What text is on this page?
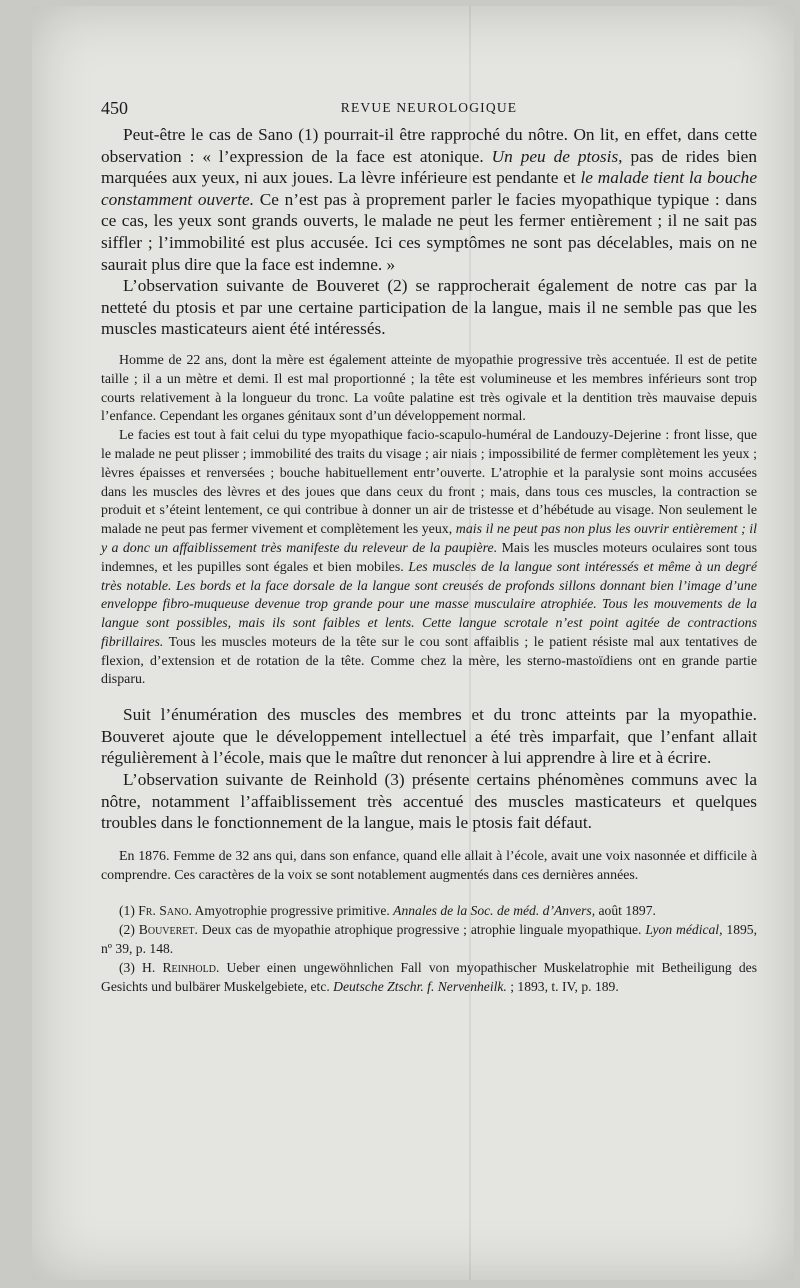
450	REVUE NEUROLOGIQUE

Peut-être le cas de Sano (1) pourrait-il être rapproché du nôtre. On lit, en effet, dans cette observation : « l’expression de la face est atonique. Un peu de ptosis, pas de rides bien marquées aux yeux, ni aux joues. La lèvre inférieure est pendante et le malade tient la bouche constamment ouverte. Ce n’est pas à proprement parler le facies myopathique typique : dans ce cas, les yeux sont grands ouverts, le malade ne peut les fermer entièrement ; il ne sait pas siffler ; l’immobilité est plus accusée. Ici ces symptômes ne sont pas décelables, mais on ne saurait plus dire que la face est indemne. »

L’observation suivante de Bouveret (2) se rapprocherait également de notre cas par la netteté du ptosis et par une certaine participation de la langue, mais il ne semble pas que les muscles masticateurs aient été intéressés.

Homme de 22 ans, dont la mère est également atteinte de myopathie progressive très accentuée. Il est de petite taille ; il a un mètre et demi. Il est mal proportionné ; la tête est volumineuse et les membres inférieurs sont trop courts relativement à la longueur du tronc. La voûte palatine est très ogivale et la dentition très mauvaise depuis l’enfance. Cependant les organes génitaux sont d’un développement normal.

Le facies est tout à fait celui du type myopathique facio-scapulo-huméral de Landouzy-Dejerine : front lisse, que le malade ne peut plisser ; immobilité des traits du visage ; air niais ; impossibilité de fermer complètement les yeux ; lèvres épaisses et renversées ; bouche habituellement entr’ouverte. L’atrophie et la paralysie sont moins accusées dans les muscles des lèvres et des joues que dans ceux du front ; mais, dans tous ces muscles, la contraction se produit et s’éteint lentement, ce qui contribue à donner un air de tristesse et d’hébétude au visage. Non seulement le malade ne peut pas fermer vivement et complètement les yeux, mais il ne peut pas non plus les ouvrir entièrement ; il y a donc un affaiblissement très manifeste du releveur de la paupière. Mais les muscles moteurs oculaires sont tous indemnes, et les pupilles sont égales et bien mobiles. Les muscles de la langue sont intéressés et même à un degré très notable. Les bords et la face dorsale de la langue sont creusés de profonds sillons donnant bien l’image d’une enveloppe fibro-muqueuse devenue trop grande pour une masse musculaire atrophiée. Tous les mouvements de la langue sont possibles, mais ils sont faibles et lents. Cette langue scrotale n’est point agitée de contractions fibrillaires. Tous les muscles moteurs de la tête sur le cou sont affaiblis ; le patient résiste mal aux tentatives de flexion, d’extension et de rotation de la tête. Comme chez la mère, les sterno-mastoïdiens ont en grande partie disparu.

Suit l’énumération des muscles des membres et du tronc atteints par la myopathie. Bouveret ajoute que le développement intellectuel a été très imparfait, que l’enfant allait régulièrement à l’école, mais que le maître dut renoncer à lui apprendre à lire et à écrire.

L’observation suivante de Reinhold (3) présente certains phénomènes communs avec la nôtre, notamment l’affaiblissement très accentué des muscles masticateurs et quelques troubles dans le fonctionnement de la langue, mais le ptosis fait défaut.

En 1876. Femme de 32 ans qui, dans son enfance, quand elle allait à l’école, avait une voix nasonnée et difficile à comprendre. Ces caractères de la voix se sont notablement augmentés dans ces dernières années.

(1) Fr. Sano. Amyotrophie progressive primitive. Annales de la Soc. de méd. d’Anvers, août 1897.

(2) Bouveret. Deux cas de myopathie atrophique progressive ; atrophie linguale myopathique. Lyon médical, 1895, nº 39, p. 148.

(3) H. Reinhold. Ueber einen ungewöhnlichen Fall von myopathischer Muskelatrophie mit Betheiligung des Gesichts und bulbärer Muskelgebiete, etc. Deutsche Ztschr. f. Nervenheilk. ; 1893, t. IV, p. 189.
